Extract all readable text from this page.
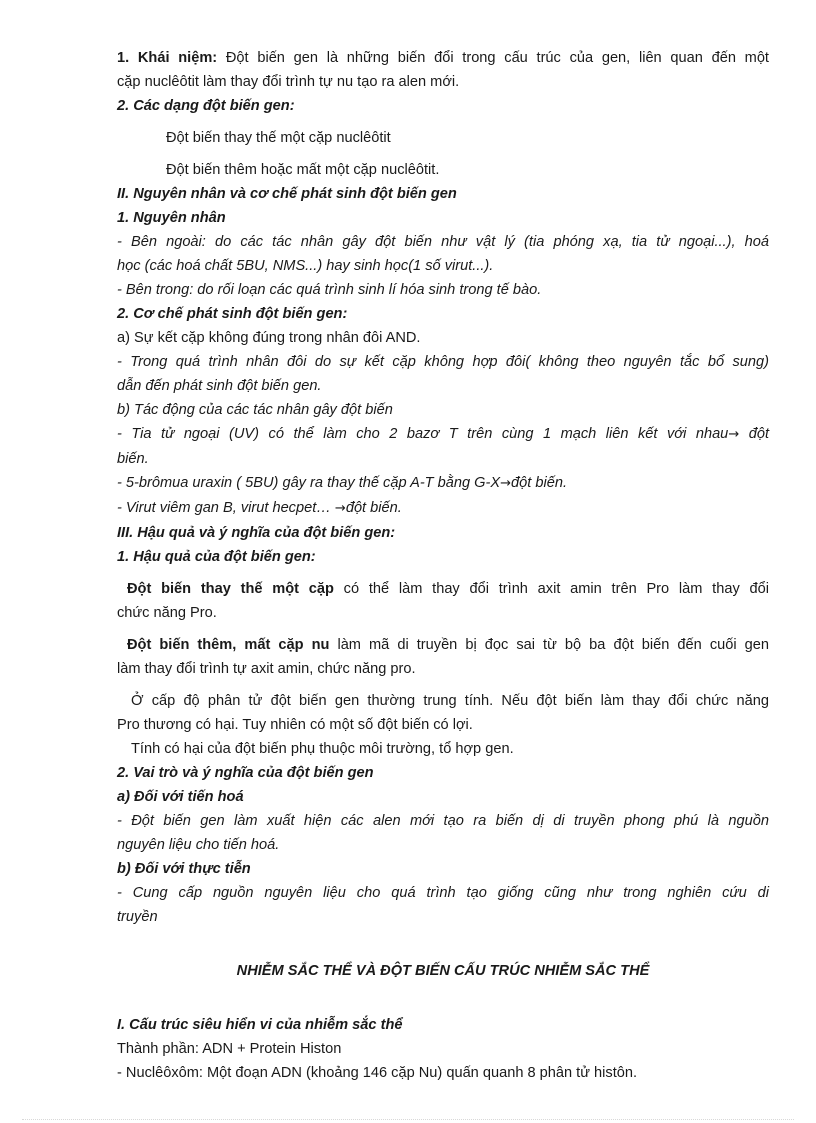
1. Khái niệm: Đột biến gen là những biến đổi trong cấu trúc của gen, liên quan đến một
cặp nuclêôtit làm thay đổi trình tự nu tạo ra alen mới.
2. Các dạng đột biến gen:
Đột biến thay thế một cặp nuclêôtit
Đột biến thêm hoặc mất một cặp nuclêôtit.
II. Nguyên nhân và cơ chế phát sinh đột biến gen
1. Nguyên nhân
- Bên ngoài: do các tác nhân gây đột biến như vật lý (tia phóng xạ, tia tử ngoại...), hoá
học (các hoá chất 5BU, NMS...) hay sinh học(1 số virut...).
- Bên trong: do rối loạn các quá trình sinh lí hóa sinh trong tế bào.
2. Cơ chế phát sinh đột biến gen:
a) Sự kết cặp không đúng trong nhân đôi AND.
- Trong quá trình nhân đôi do sự kết cặp không hợp đôi( không theo nguyên tắc bổ sung)
dẫn đến phát sinh đột biến gen.
b) Tác động của các tác nhân gây đột biến
- Tia tử ngoại (UV) có thể làm cho 2 bazơ T trên cùng 1 mạch liên kết với nhau→ đột
biến.
- 5-brômua uraxin ( 5BU) gây ra thay thế cặp A-T bằng G-X→đột biến.
- Virut viêm gan B, virut hecpet… →đột biến.
III. Hậu quả và ý nghĩa của đột biến gen:
1. Hậu quả của đột biến gen:
Đột biến thay thế một cặp có thể làm thay đổi trình axit amin trên Pro làm thay đổi
chức năng Pro.
Đột biến thêm, mất cặp nu làm mã di truyền bị đọc sai từ bộ ba đột biến đến cuối gen
làm thay đổi trình tự axit amin, chức năng pro.
Ở cấp độ phân tử đột biến gen thường trung tính. Nếu đột biến làm thay đổi chức năng
Pro thương có hại. Tuy nhiên có một số đột biến có lợi.
Tính có hại của đột biến phụ thuộc môi trường, tổ hợp gen.
2. Vai trò và ý nghĩa của đột biến gen
a) Đối với tiến hoá
- Đột biến gen làm xuất hiện các alen mới tạo ra biến dị di truyền phong phú là nguồn
nguyên liệu cho tiến hoá.
b) Đối với thực tiễn
- Cung cấp nguồn nguyên liệu cho quá trình tạo giống cũng như trong nghiên cứu di
truyền
NHIỄM SẮC THỂ VÀ ĐỘT BIẾN CẤU TRÚC NHIỄM SẮC THỂ
I. Cấu trúc siêu hiển vi của nhiễm sắc thể
Thành phần: ADN + Protein Histon
- Nuclêôxôm: Một đoạn ADN (khoảng 146 cặp Nu) quấn quanh 8 phân tử histôn.
